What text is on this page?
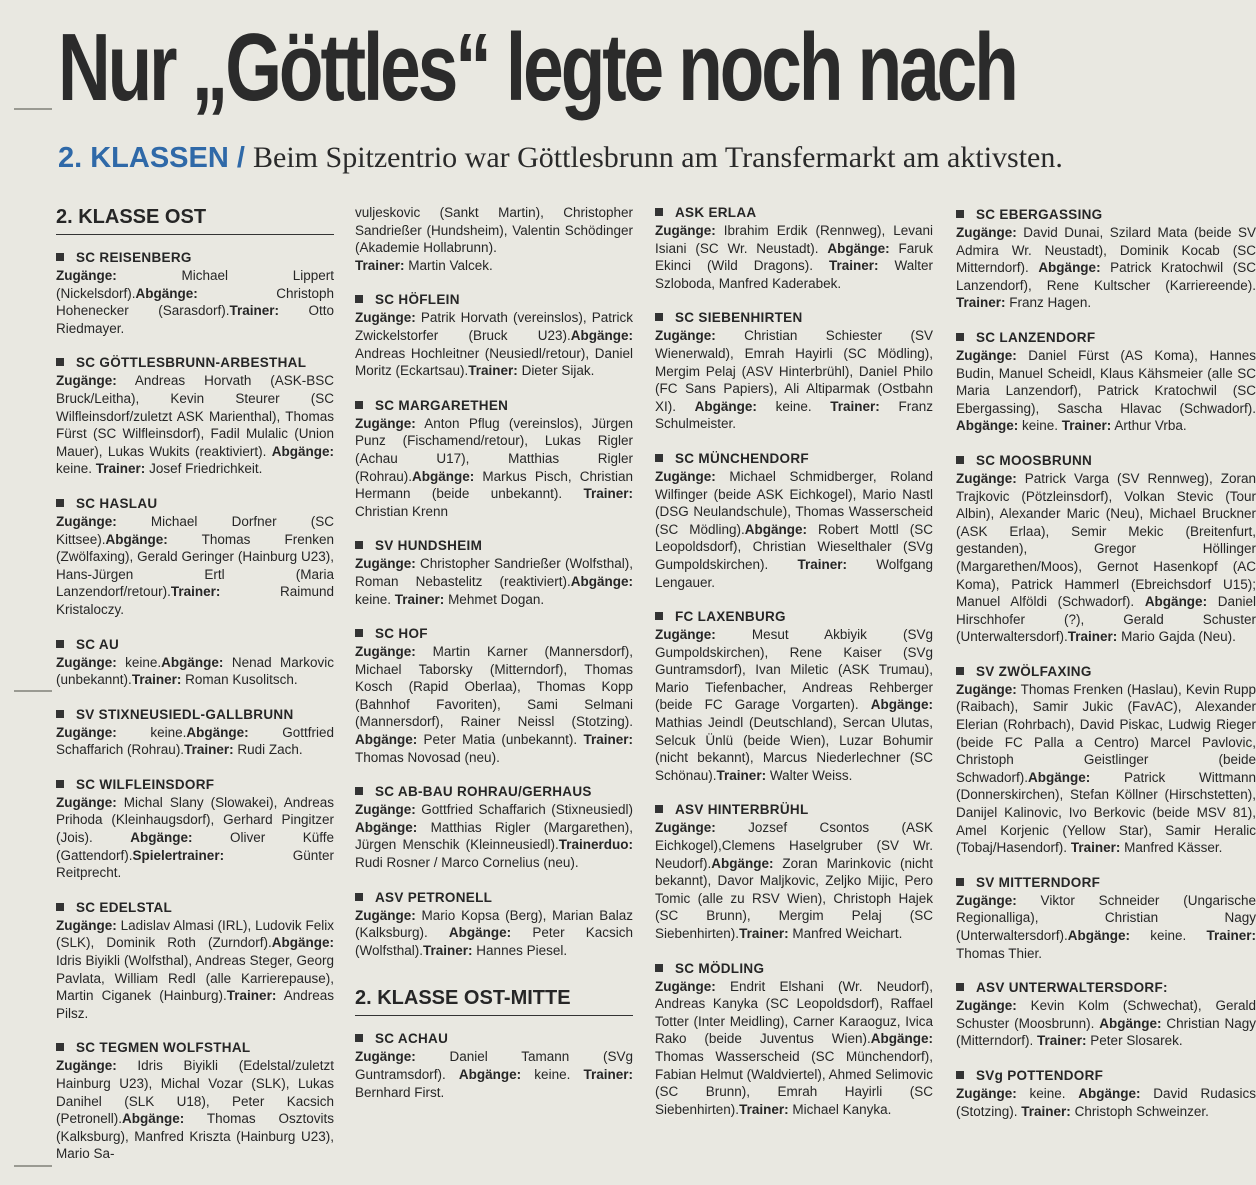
Nur „Göttles“ legte noch nach
2. KLASSEN / Beim Spitzentrio war Göttlesbrunn am Transfermarkt am aktivsten.
2. KLASSE OST
SC REISENBERG
Zugänge: Michael Lippert (Nickelsdorf).Abgänge: Christoph Hohenecker (Sarasdorf).Trainer: Otto Riedmayer.
SC GÖTTLESBRUNN-ARBESTHAL
Zugänge: Andreas Horvath (ASK-BSC Bruck/Leitha), Kevin Steurer (SC Wilfleinsdorf/zuletzt ASK Marienthal), Thomas Fürst (SC Wilfleinsdorf), Fadil Mulalic (Union Mauer), Lukas Wukits (reaktiviert). Abgänge: keine. Trainer: Josef Friedrichkeit.
SC HASLAU
Zugänge: Michael Dorfner (SC Kittsee).Abgänge: Thomas Frenken (Zwölfaxing), Gerald Geringer (Hainburg U23), Hans-Jürgen Ertl (Maria Lanzendorf/retour).Trainer: Raimund Kristaloczy.
SC AU
Zugänge: keine.Abgänge: Nenad Markovic (unbekannt).Trainer: Roman Kusolitsch.
SV STIXNEUSIEDL-GALLBRUNN
Zugänge: keine.Abgänge: Gottfried Schaffarich (Rohrau).Trainer: Rudi Zach.
SC WILFLEINSDORF
Zugänge: Michal Slany (Slowakei), Andreas Prihoda (Kleinhaugsdorf), Gerhard Pingitzer (Jois). Abgänge: Oliver Küffe (Gattendorf).Spielertrainer: Günter Reitprecht.
SC EDELSTAL
Zugänge: Ladislav Almasi (IRL), Ludovik Felix (SLK), Dominik Roth (Zurndorf).Abgänge: Idris Biyikli (Wolfsthal), Andreas Steger, Georg Pavlata, William Redl (alle Karrierepause), Martin Ciganek (Hainburg).Trainer: Andreas Pilsz.
SC TEGMEN WOLFSTHAL
Zugänge: Idris Biyikli (Edelstal/zuletzt Hainburg U23), Michal Vozar (SLK), Lukas Danihel (SLK U18), Peter Kacsich (Petronell).Abgänge: Thomas Osztovits (Kalksburg), Manfred Kriszta (Hainburg U23), Mario Sa-
vuljeskovic (Sankt Martin), Christopher Sandrießer (Hundsheim), Valentin Schödinger (Akademie Hollabrunn).
Trainer: Martin Valcek.
SC HÖFLEIN
Zugänge: Patrik Horvath (vereinslos), Patrick Zwickelstorfer (Bruck U23).Abgänge: Andreas Hochleitner (Neusiedl/retour), Daniel Moritz (Eckartsau).Trainer: Dieter Sijak.
SC MARGARETHEN
Zugänge: Anton Pflug (vereinslos), Jürgen Punz (Fischamend/retour), Lukas Rigler (Achau U17), Matthias Rigler (Rohrau).Abgänge: Markus Pisch, Christian Hermann (beide unbekannt). Trainer: Christian Krenn
SV HUNDSHEIM
Zugänge: Christopher Sandrießer (Wolfsthal), Roman Nebastelitz (reaktiviert).Abgänge: keine. Trainer: Mehmet Dogan.
SC HOF
Zugänge: Martin Karner (Mannersdorf), Michael Taborsky (Mitterndorf), Thomas Kosch (Rapid Oberlaa), Thomas Kopp (Bahnhof Favoriten), Sami Selmani (Mannersdorf), Rainer Neissl (Stotzing). Abgänge: Peter Matia (unbekannt). Trainer: Thomas Novosad (neu).
SC AB-BAU ROHRAU/GERHAUS
Zugänge: Gottfried Schaffarich (Stixneusiedl) Abgänge: Matthias Rigler (Margarethen), Jürgen Menschik (Kleinneusiedl).Trainerduo: Rudi Rosner / Marco Cornelius (neu).
ASV PETRONELL
Zugänge: Mario Kopsa (Berg), Marian Balaz (Kalksburg). Abgänge: Peter Kacsich (Wolfsthal).Trainer: Hannes Piesel.
2. KLASSE OST-MITTE
SC ACHAU
Zugänge: Daniel Tamann (SVg Guntramsdorf). Abgänge: keine. Trainer: Bernhard First.
ASK ERLAA
Zugänge: Ibrahim Erdik (Rennweg), Levani Isiani (SC Wr. Neustadt). Abgänge: Faruk Ekinci (Wild Dragons). Trainer: Walter Szloboda, Manfred Kaderabek.
SC SIEBENHIRTEN
Zugänge: Christian Schiester (SV Wienerwald), Emrah Hayirli (SC Mödling), Mergim Pelaj (ASV Hinterbrühl), Daniel Philo (FC Sans Papiers), Ali Altiparmak (Ostbahn XI). Abgänge: keine. Trainer: Franz Schulmeister.
SC MÜNCHENDORF
Zugänge: Michael Schmidberger, Roland Wilfinger (beide ASK Eichkogel), Mario Nastl (DSG Neulandschule), Thomas Wasserscheid (SC Mödling).Abgänge: Robert Mottl (SC Leopoldsdorf), Christian Wieselthaler (SVg Gumpoldskirchen). Trainer: Wolfgang Lengauer.
FC LAXENBURG
Zugänge: Mesut Akbiyik (SVg Gumpoldskirchen), Rene Kaiser (SVg Guntramsdorf), Ivan Miletic (ASK Trumau), Mario Tiefenbacher, Andreas Rehberger (beide FC Garage Vorgarten). Abgänge: Mathias Jeindl (Deutschland), Sercan Ulutas, Selcuk Ünlü (beide Wien), Luzar Bohumir (nicht bekannt), Marcus Niederlechner (SC Schönau).Trainer: Walter Weiss.
ASV HINTERBRÜHL
Zugänge: Jozsef Csontos (ASK Eichkogel),Clemens Haselgruber (SV Wr. Neudorf).Abgänge: Zoran Marinkovic (nicht bekannt), Davor Maljkovic, Zeljko Mijic, Pero Tomic (alle zu RSV Wien), Christoph Hajek (SC Brunn), Mergim Pelaj (SC Siebenhirten).Trainer: Manfred Weichart.
SC MÖDLING
Zugänge: Endrit Elshani (Wr. Neudorf), Andreas Kanyka (SC Leopoldsdorf), Raffael Totter (Inter Meidling), Carner Karaoguz, Ivica Rako (beide Juventus Wien).Abgänge: Thomas Wasserscheid (SC Münchendorf), Fabian Helmut (Waldviertel), Ahmed Selimovic (SC Brunn), Emrah Hayirli (SC Siebenhirten).Trainer: Michael Kanyka.
SC EBERGASSING
Zugänge: David Dunai, Szilard Mata (beide SV Admira Wr. Neustadt), Dominik Kocab (SC Mitterndorf). Abgänge: Patrick Kratochwil (SC Lanzendorf), Rene Kultscher (Karriereende). Trainer: Franz Hagen.
SC LANZENDORF
Zugänge: Daniel Fürst (AS Koma), Hannes Budin, Manuel Scheidl, Klaus Kähsmeier (alle SC Maria Lanzendorf), Patrick Kratochwil (SC Ebergassing), Sascha Hlavac (Schwadorf). Abgänge: keine. Trainer: Arthur Vrba.
SC MOOSBRUNN
Zugänge: Patrick Varga (SV Rennweg), Zoran Trajkovic (Pötzleinsdorf), Volkan Stevic (Tour Albin), Alexander Maric (Neu), Michael Bruckner (ASK Erlaa), Semir Mekic (Breitenfurt, gestanden), Gregor Höllinger (Margarethen/Moos), Gernot Hasenkopf (AC Koma), Patrick Hammerl (Ebreichsdorf U15); Manuel Alföldi (Schwadorf). Abgänge: Daniel Hirschhofer (?), Gerald Schuster (Unterwaltersdorf).Trainer: Mario Gajda (Neu).
SV ZWÖLFAXING
Zugänge: Thomas Frenken (Haslau), Kevin Rupp (Raibach), Samir Jukic (FavAC), Alexander Elerian (Rohrbach), David Piskac, Ludwig Rieger (beide FC Palla a Centro) Marcel Pavlovic, Christoph Geistlinger (beide Schwadorf).Abgänge: Patrick Wittmann (Donnerskirchen), Stefan Köllner (Hirschstetten), Danijel Kalinovic, Ivo Berkovic (beide MSV 81), Amel Korjenic (Yellow Star), Samir Heralic (Tobaj/Hasendorf). Trainer: Manfred Kässer.
SV MITTERNDORF
Zugänge: Viktor Schneider (Ungarische Regionalliga), Christian Nagy (Unterwaltersdorf).Abgänge: keine. Trainer: Thomas Thier.
ASV UNTERWALTERSDORF:
Zugänge: Kevin Kolm (Schwechat), Gerald Schuster (Moosbrunn). Abgänge: Christian Nagy (Mitterndorf). Trainer: Peter Slosarek.
SVg POTTENDORF
Zugänge: keine. Abgänge: David Rudasics (Stotzing). Trainer: Christoph Schweinzer.
